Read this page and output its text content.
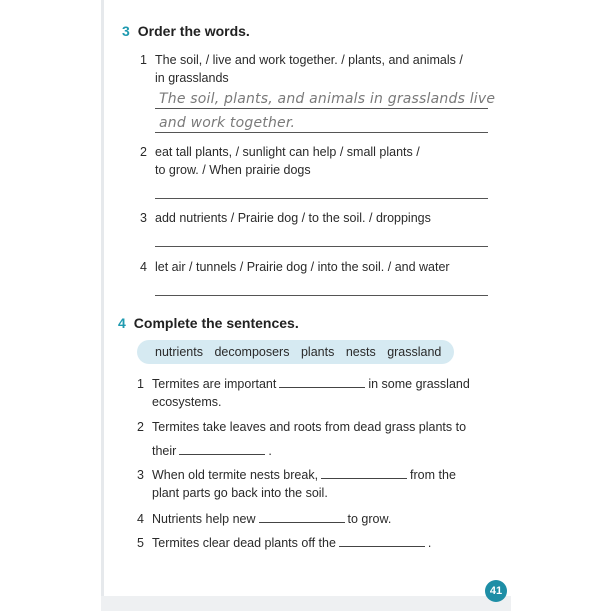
3 Order the words.
1 The soil, / live and work together. / plants, and animals /
in grasslands
The soil, plants, and animals in grasslands live
and work together.
2 eat tall plants, / sunlight can help / small plants /
to grow. / When prairie dogs
3 add nutrients / Prairie dog / to the soil. / droppings
4 let air / tunnels / Prairie dog / into the soil. / and water
4 Complete the sentences.
nutrients decomposers plants nests grassland
1 Termites are important	in some grassland
ecosystems.
2 Termites take leaves and roots from dead grass plants to
their	.
3 When old termite nests break,	from the
plant parts go back into the soil.
4 Nutrients help new	to grow.
5 Termites clear dead plants off the	.
41
